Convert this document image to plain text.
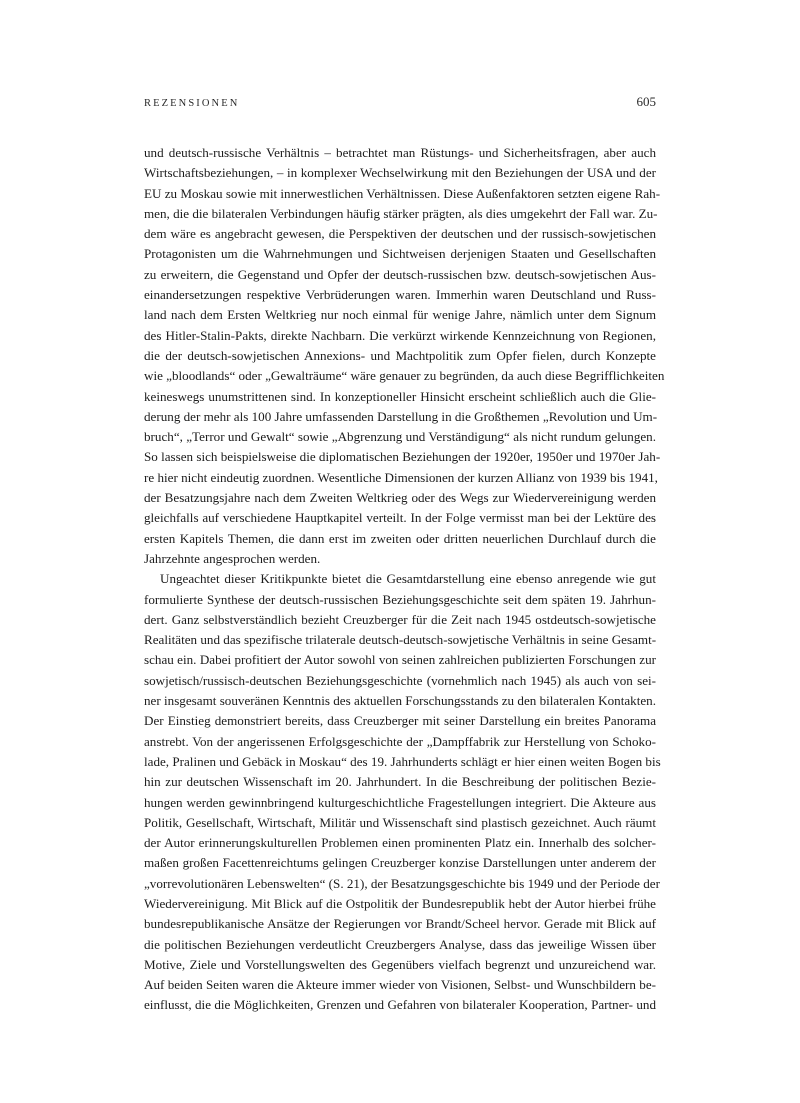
REZENSIONEN	605
und deutsch-russische Verhältnis – betrachtet man Rüstungs- und Sicherheitsfragen, aber auch
Wirtschaftsbeziehungen, – in komplexer Wechselwirkung mit den Beziehungen der USA und der
EU zu Moskau sowie mit innerwestlichen Verhältnissen. Diese Außenfaktoren setzten eigene Rah-
men, die die bilateralen Verbindungen häufig stärker prägten, als dies umgekehrt der Fall war. Zu-
dem wäre es angebracht gewesen, die Perspektiven der deutschen und der russisch-sowjetischen
Protagonisten um die Wahrnehmungen und Sichtweisen derjenigen Staaten und Gesellschaften
zu erweitern, die Gegenstand und Opfer der deutsch-russischen bzw. deutsch-sowjetischen Aus-
einandersetzungen respektive Verbrüderungen waren. Immerhin waren Deutschland und Russ-
land nach dem Ersten Weltkrieg nur noch einmal für wenige Jahre, nämlich unter dem Signum
des Hitler-Stalin-Pakts, direkte Nachbarn. Die verkürzt wirkende Kennzeichnung von Regionen,
die der deutsch-sowjetischen Annexions- und Machtpolitik zum Opfer fielen, durch Konzepte
wie „bloodlands“ oder „Gewalträume“ wäre genauer zu begründen, da auch diese Begrifflichkeiten
keineswegs unumstrittenen sind. In konzeptioneller Hinsicht erscheint schließlich auch die Glie-
derung der mehr als 100 Jahre umfassenden Darstellung in die Großthemen „Revolution und Um-
bruch“, „Terror und Gewalt“ sowie „Abgrenzung und Verständigung“ als nicht rundum gelungen.
So lassen sich beispielsweise die diplomatischen Beziehungen der 1920er, 1950er und 1970er Jah-
re hier nicht eindeutig zuordnen. Wesentliche Dimensionen der kurzen Allianz von 1939 bis 1941,
der Besatzungsjahre nach dem Zweiten Weltkrieg oder des Wegs zur Wiedervereinigung werden
gleichfalls auf verschiedene Hauptkapitel verteilt. In der Folge vermisst man bei der Lektüre des
ersten Kapitels Themen, die dann erst im zweiten oder dritten neuerlichen Durchlauf durch die
Jahrzehnte angesprochen werden.
Ungeachtet dieser Kritikpunkte bietet die Gesamtdarstellung eine ebenso anregende wie gut
formulierte Synthese der deutsch-russischen Beziehungsgeschichte seit dem späten 19. Jahrhun-
dert. Ganz selbstverständlich bezieht Creuzberger für die Zeit nach 1945 ostdeutsch-sowjetische
Realitäten und das spezifische trilaterale deutsch-deutsch-sowjetische Verhältnis in seine Gesamt-
schau ein. Dabei profitiert der Autor sowohl von seinen zahlreichen publizierten Forschungen zur
sowjetisch/russisch-deutschen Beziehungsgeschichte (vornehmlich nach 1945) als auch von sei-
ner insgesamt souveränen Kenntnis des aktuellen Forschungsstands zu den bilateralen Kontakten.
Der Einstieg demonstriert bereits, dass Creuzberger mit seiner Darstellung ein breites Panorama
anstrebt. Von der angerissenen Erfolgsgeschichte der „Dampffabrik zur Herstellung von Schoko-
lade, Pralinen und Gebäck in Moskau“ des 19. Jahrhunderts schlägt er hier einen weiten Bogen bis
hin zur deutschen Wissenschaft im 20. Jahrhundert. In die Beschreibung der politischen Bezie-
hungen werden gewinnbringend kulturgeschichtliche Fragestellungen integriert. Die Akteure aus
Politik, Gesellschaft, Wirtschaft, Militär und Wissenschaft sind plastisch gezeichnet. Auch räumt
der Autor erinnerungskulturellen Problemen einen prominenten Platz ein. Innerhalb des solcher-
maßen großen Facettenreichtums gelingen Creuzberger konzise Darstellungen unter anderem der
„vorrevolutionären Lebenswelten“ (S. 21), der Besatzungsgeschichte bis 1949 und der Periode der
Wiedervereinigung. Mit Blick auf die Ostpolitik der Bundesrepublik hebt der Autor hierbei frühe
bundesrepublikanische Ansätze der Regierungen vor Brandt/Scheel hervor. Gerade mit Blick auf
die politischen Beziehungen verdeutlicht Creuzbergers Analyse, dass das jeweilige Wissen über
Motive, Ziele und Vorstellungswelten des Gegenübers vielfach begrenzt und unzureichend war.
Auf beiden Seiten waren die Akteure immer wieder von Visionen, Selbst- und Wunschbildern be-
einflusst, die die Möglichkeiten, Grenzen und Gefahren von bilateraler Kooperation, Partner- und
